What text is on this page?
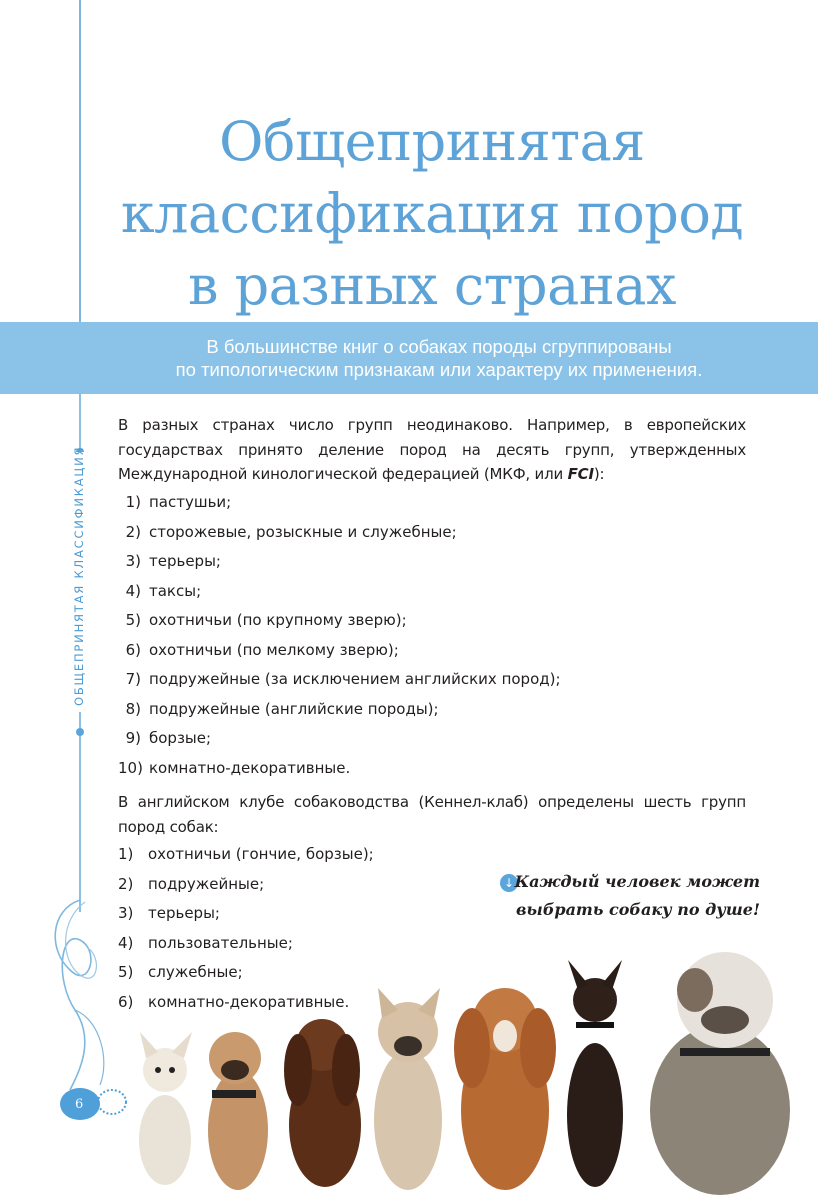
ОБЩЕПРИНЯТАЯ КЛАССИФИКАЦИЯ
Общепринятая
классификация пород
в разных странах
В большинстве книг о собаках породы сгруппированы
по типологическим признакам или характеру их применения.

В разных странах число групп неодинаково. Например, в европейских государствах принято деление пород на десять групп, утвержденных Международной кинологической федерацией (МКФ, или FCI):

1) пастушьи;
2) сторожевые, розыскные и служебные;
3) терьеры;
4) таксы;
5) охотничьи (по крупному зверю);
6) охотничьи (по мелкому зверю);
7) подружейные (за исключением английских пород);
8) подружейные (английские породы);
9) борзые;
10) комнатно-декоративные.

В английском клубе собаководства (Кеннел-клаб) определены шесть групп пород собак:

1) охотничьи (гончие, борзые);
2) подружейные;
3) терьеры;
4) пользовательные;
5) служебные;
6) комнатно-декоративные.
↓ Каждый человек может
выбрать собаку по душе!
6
